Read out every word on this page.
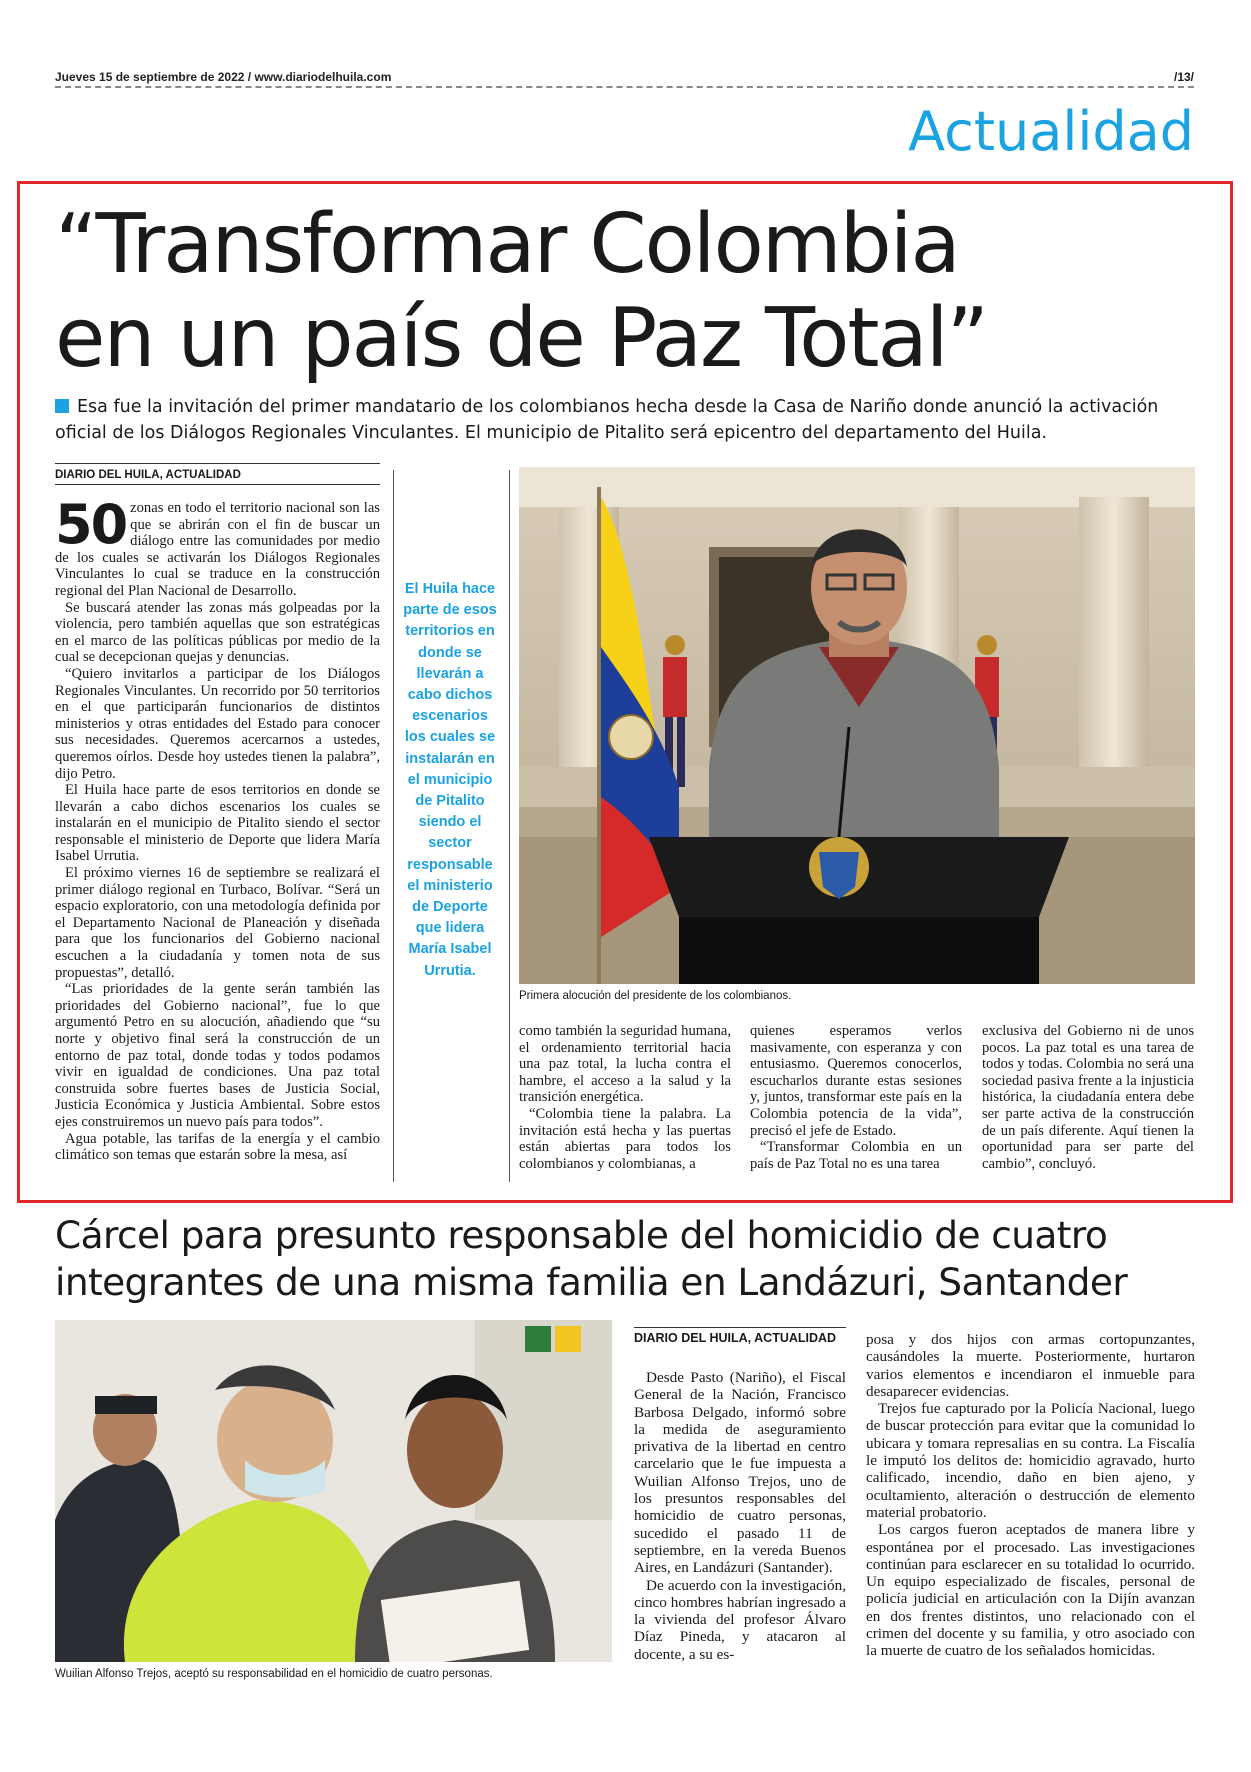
Jueves 15 de septiembre de 2022 / www.diariodelhuila.com	/13/
Actualidad
“Transformar Colombia
en un país de Paz Total”
Esa fue la invitación del primer mandatario de los colombianos hecha desde la Casa de Nariño donde anunció la activación oficial de los Diálogos Regionales Vinculantes. El municipio de Pitalito será epicentro del departamento del Huila.
DIARIO DEL HUILA, ACTUALIDAD

50 zonas en todo el territorio nacional son las que se abrirán con el fin de buscar un diálogo entre las comunidades por medio de los cuales se activarán los Diálogos Regionales Vinculantes lo cual se traduce en la construcción regional del Plan Nacional de Desarrollo.

Se buscará atender las zonas más golpeadas por la violencia, pero también aquellas que son estratégicas en el marco de las políticas públicas por medio de la cual se decepcionan quejas y denuncias.

“Quiero invitarlos a participar de los Diálogos Regionales Vinculantes. Un recorrido por 50 territorios en el que participarán funcionarios de distintos ministerios y otras entidades del Estado para conocer sus necesidades. Queremos acercarnos a ustedes, queremos oírlos. Desde hoy ustedes tienen la palabra”, dijo Petro.

El Huila hace parte de esos territorios en donde se llevarán a cabo dichos escenarios los cuales se instalarán en el municipio de Pitalito siendo el sector responsable el ministerio de Deporte que lidera María Isabel Urrutia.

El próximo viernes 16 de septiembre se realizará el primer diálogo regional en Turbaco, Bolívar. “Será un espacio exploratorio, con una metodología definida por el Departamento Nacional de Planeación y diseñada para que los funcionarios del Gobierno nacional escuchen a la ciudadanía y tomen nota de sus propuestas”, detalló.

“Las prioridades de la gente serán también las prioridades del Gobierno nacional”, fue lo que argumentó Petro en su alocución, añadiendo que “su norte y objetivo final será la construcción de un entorno de paz total, donde todas y todos podamos vivir en igualdad de condiciones. Una paz total construida sobre fuertes bases de Justicia Social, Justicia Económica y Justicia Ambiental. Sobre estos ejes construiremos un nuevo país para todos”.

Agua potable, las tarifas de la energía y el cambio climático son temas que estarán sobre la mesa, así

El Huila hace parte de esos territorios en donde se llevarán a cabo dichos escenarios los cuales se instalarán en el municipio de Pitalito siendo el sector responsable el ministerio de Deporte que lidera María Isabel Urrutia.
Primera alocución del presidente de los colombianos.

como también la seguridad humana, el ordenamiento territorial hacia una paz total, la lucha contra el hambre, el acceso a la salud y la transición energética.

“Colombia tiene la palabra. La invitación está hecha y las puertas están abiertas para todos los colombianos y colombianas, a

quienes esperamos verlos masivamente, con esperanza y con entusiasmo. Queremos conocerlos, escucharlos durante estas sesiones y, juntos, transformar este país en la Colombia potencia de la vida”, precisó el jefe de Estado.

“Transformar Colombia en un país de Paz Total no es una tarea

exclusiva del Gobierno ni de unos pocos. La paz total es una tarea de todos y todas. Colombia no será una sociedad pasiva frente a la injusticia histórica, la ciudadanía entera debe ser parte activa de la construcción de un país diferente. Aquí tienen la oportunidad para ser parte del cambio”, concluyó.

Cárcel para presunto responsable del homicidio de cuatro
integrantes de una misma familia en Landázuri, Santander
Wuilian Alfonso Trejos, aceptó su responsabilidad en el homicidio de cuatro personas.
DIARIO DEL HUILA, ACTUALIDAD

Desde Pasto (Nariño), el Fiscal General de la Nación, Francisco Barbosa Delgado, informó sobre la medida de aseguramiento privativa de la libertad en centro carcelario que le fue impuesta a Wuilian Alfonso Trejos, uno de los presuntos responsables del homicidio de cuatro personas, sucedido el pasado 11 de septiembre, en la vereda Buenos Aires, en Landázuri (Santander).

De acuerdo con la investigación, cinco hombres habrían ingresado a la vivienda del profesor Álvaro Díaz Pineda, y atacaron al docente, a su es-

posa y dos hijos con armas cortopunzantes, causándoles la muerte. Posteriormente, hurtaron varios elementos e incendiaron el inmueble para desaparecer evidencias.

Trejos fue capturado por la Policía Nacional, luego de buscar protección para evitar que la comunidad lo ubicara y tomara represalias en su contra. La Fiscalía le imputó los delitos de: homicidio agravado, hurto calificado, incendio, daño en bien ajeno, y ocultamiento, alteración o destrucción de elemento material probatorio.

Los cargos fueron aceptados de manera libre y espontánea por el procesado. Las investigaciones continúan para esclarecer en su totalidad lo ocurrido. Un equipo especializado de fiscales, personal de policía judicial en articulación con la Dijín avanzan en dos frentes distintos, uno relacionado con el crimen del docente y su familia, y otro asociado con la muerte de cuatro de los señalados homicidas.
